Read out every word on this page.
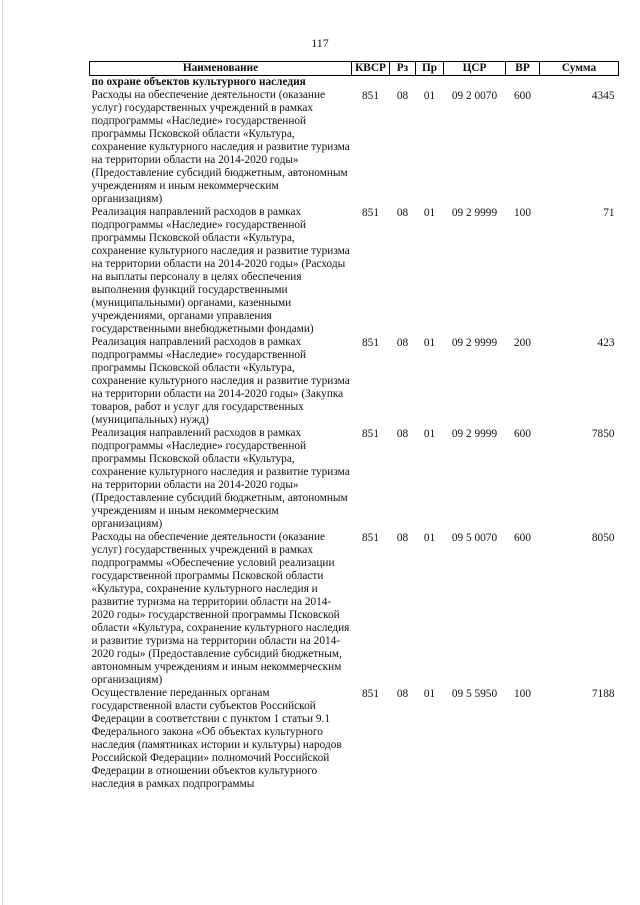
117
Наименование	КВСР	Рз	Пр	ЦСР	ВР	Сумма
по охране объектов культурного наследия						
Расходы на обеспечение деятельности (оказание услуг) государственных учреждений в рамках подпрограммы «Наследие» государственной программы Псковской области «Культура, сохранение культурного наследия и развитие туризма на территории области на 2014-2020 годы» (Предоставление субсидий бюджетным, автономным учреждениям и иным некоммерческим организациям)	851	08	01	09 2 0070	600	4345
Реализация направлений расходов в рамках подпрограммы «Наследие» государственной программы Псковской области «Культура, сохранение культурного наследия и развитие туризма на территории области на 2014-2020 годы» (Расходы на выплаты персоналу в целях обеспечения выполнения функций государственными (муниципальными) органами, казенными учреждениями, органами управления государственными внебюджетными фондами)	851	08	01	09 2 9999	100	71
Реализация направлений расходов в рамках подпрограммы «Наследие» государственной программы Псковской области «Культура, сохранение культурного наследия и развитие туризма на территории области на 2014-2020 годы» (Закупка товаров, работ и услуг для государственных (муниципальных) нужд)	851	08	01	09 2 9999	200	423
Реализация направлений расходов в рамках подпрограммы «Наследие» государственной программы Псковской области «Культура, сохранение культурного наследия и развитие туризма на территории области на 2014-2020 годы» (Предоставление субсидий бюджетным, автономным учреждениям и иным некоммерческим организациям)	851	08	01	09 2 9999	600	7850
Расходы на обеспечение деятельности (оказание услуг) государственных учреждений в рамках подпрограммы «Обеспечение условий реализации государственной программы Псковской области «Культура, сохранение культурного наследия и развитие туризма на территории области на 2014-2020 годы» государственной программы Псковской области «Культура, сохранение культурного наследия и развитие туризма на территории области на 2014-2020 годы» (Предоставление субсидий бюджетным, автономным учреждениям и иным некоммерческим организациям)	851	08	01	09 5 0070	600	8050
Осуществление переданных органам государственной власти субъектов Российской Федерации в соответствии с пунктом 1 статьи 9.1 Федерального закона «Об объектах культурного наследия (памятниках истории и культуры) народов Российской Федерации» полномочий Российской Федерации в отношении объектов культурного наследия в рамках подпрограммы	851	08	01	09 5 5950	100	7188
